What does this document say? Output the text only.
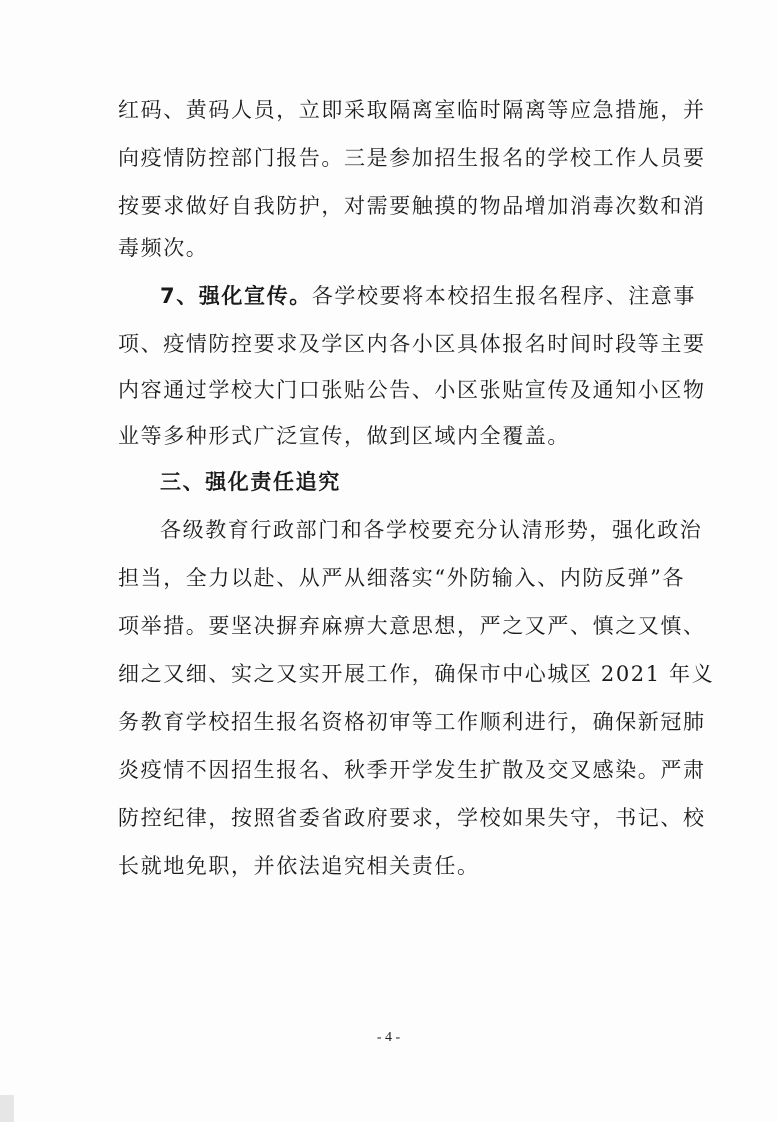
红码、黄码人员，立即采取隔离室临时隔离等应急措施，并
向疫情防控部门报告。三是参加招生报名的学校工作人员要
按要求做好自我防护，对需要触摸的物品增加消毒次数和消
毒频次。
7、强化宣传。各学校要将本校招生报名程序、注意事
项、疫情防控要求及学区内各小区具体报名时间时段等主要
内容通过学校大门口张贴公告、小区张贴宣传及通知小区物
业等多种形式广泛宣传，做到区域内全覆盖。
三、强化责任追究
各级教育行政部门和各学校要充分认清形势，强化政治
担当，全力以赴、从严从细落实“外防输入、内防反弹”各
项举措。要坚决摒弃麻痹大意思想，严之又严、慎之又慎、
细之又细、实之又实开展工作，确保市中心城区 2021 年义
务教育学校招生报名资格初审等工作顺利进行，确保新冠肺
炎疫情不因招生报名、秋季开学发生扩散及交叉感染。严肃
防控纪律，按照省委省政府要求，学校如果失守，书记、校
长就地免职，并依法追究相关责任。
- 4 -
